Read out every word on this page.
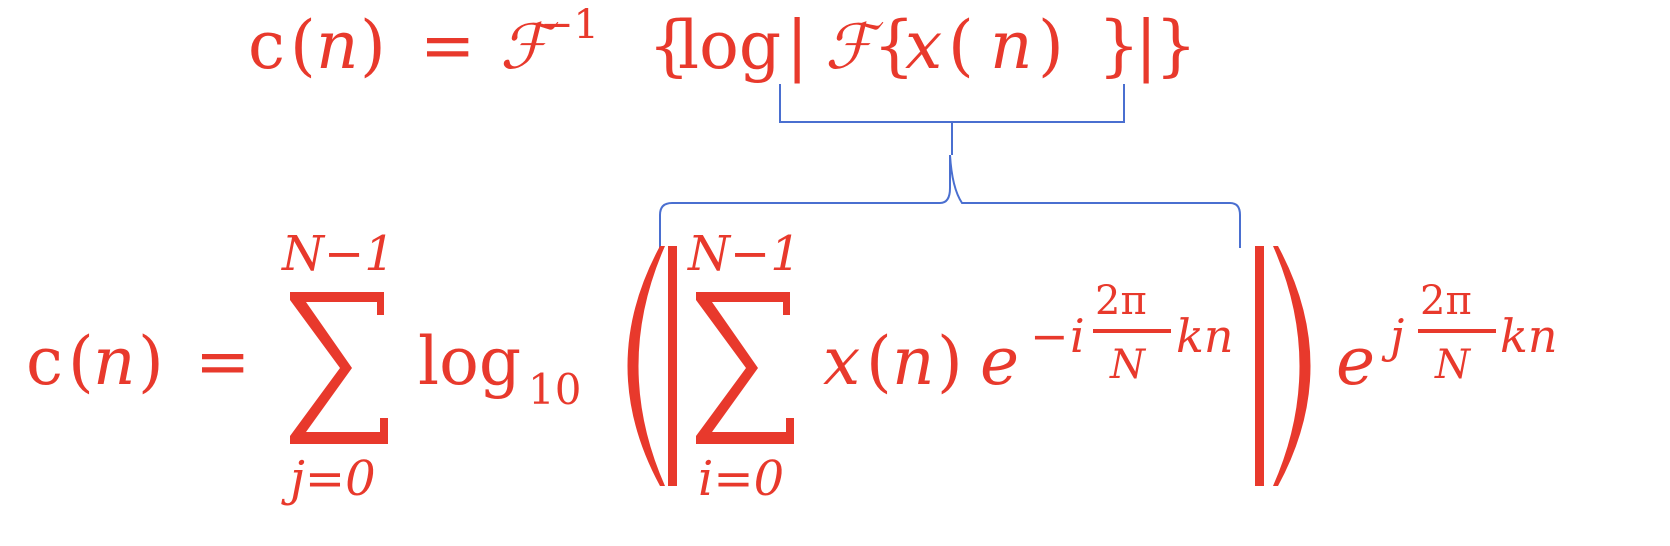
c ( n ) = ℱ
−1 {
log | ℱ {
x ( n ) }
|
}
c ( n ) =
N−1
j=0
log 10
N−1
i=0
x ( n ) e − i
2π
N
kn e j
2π
N
kn
